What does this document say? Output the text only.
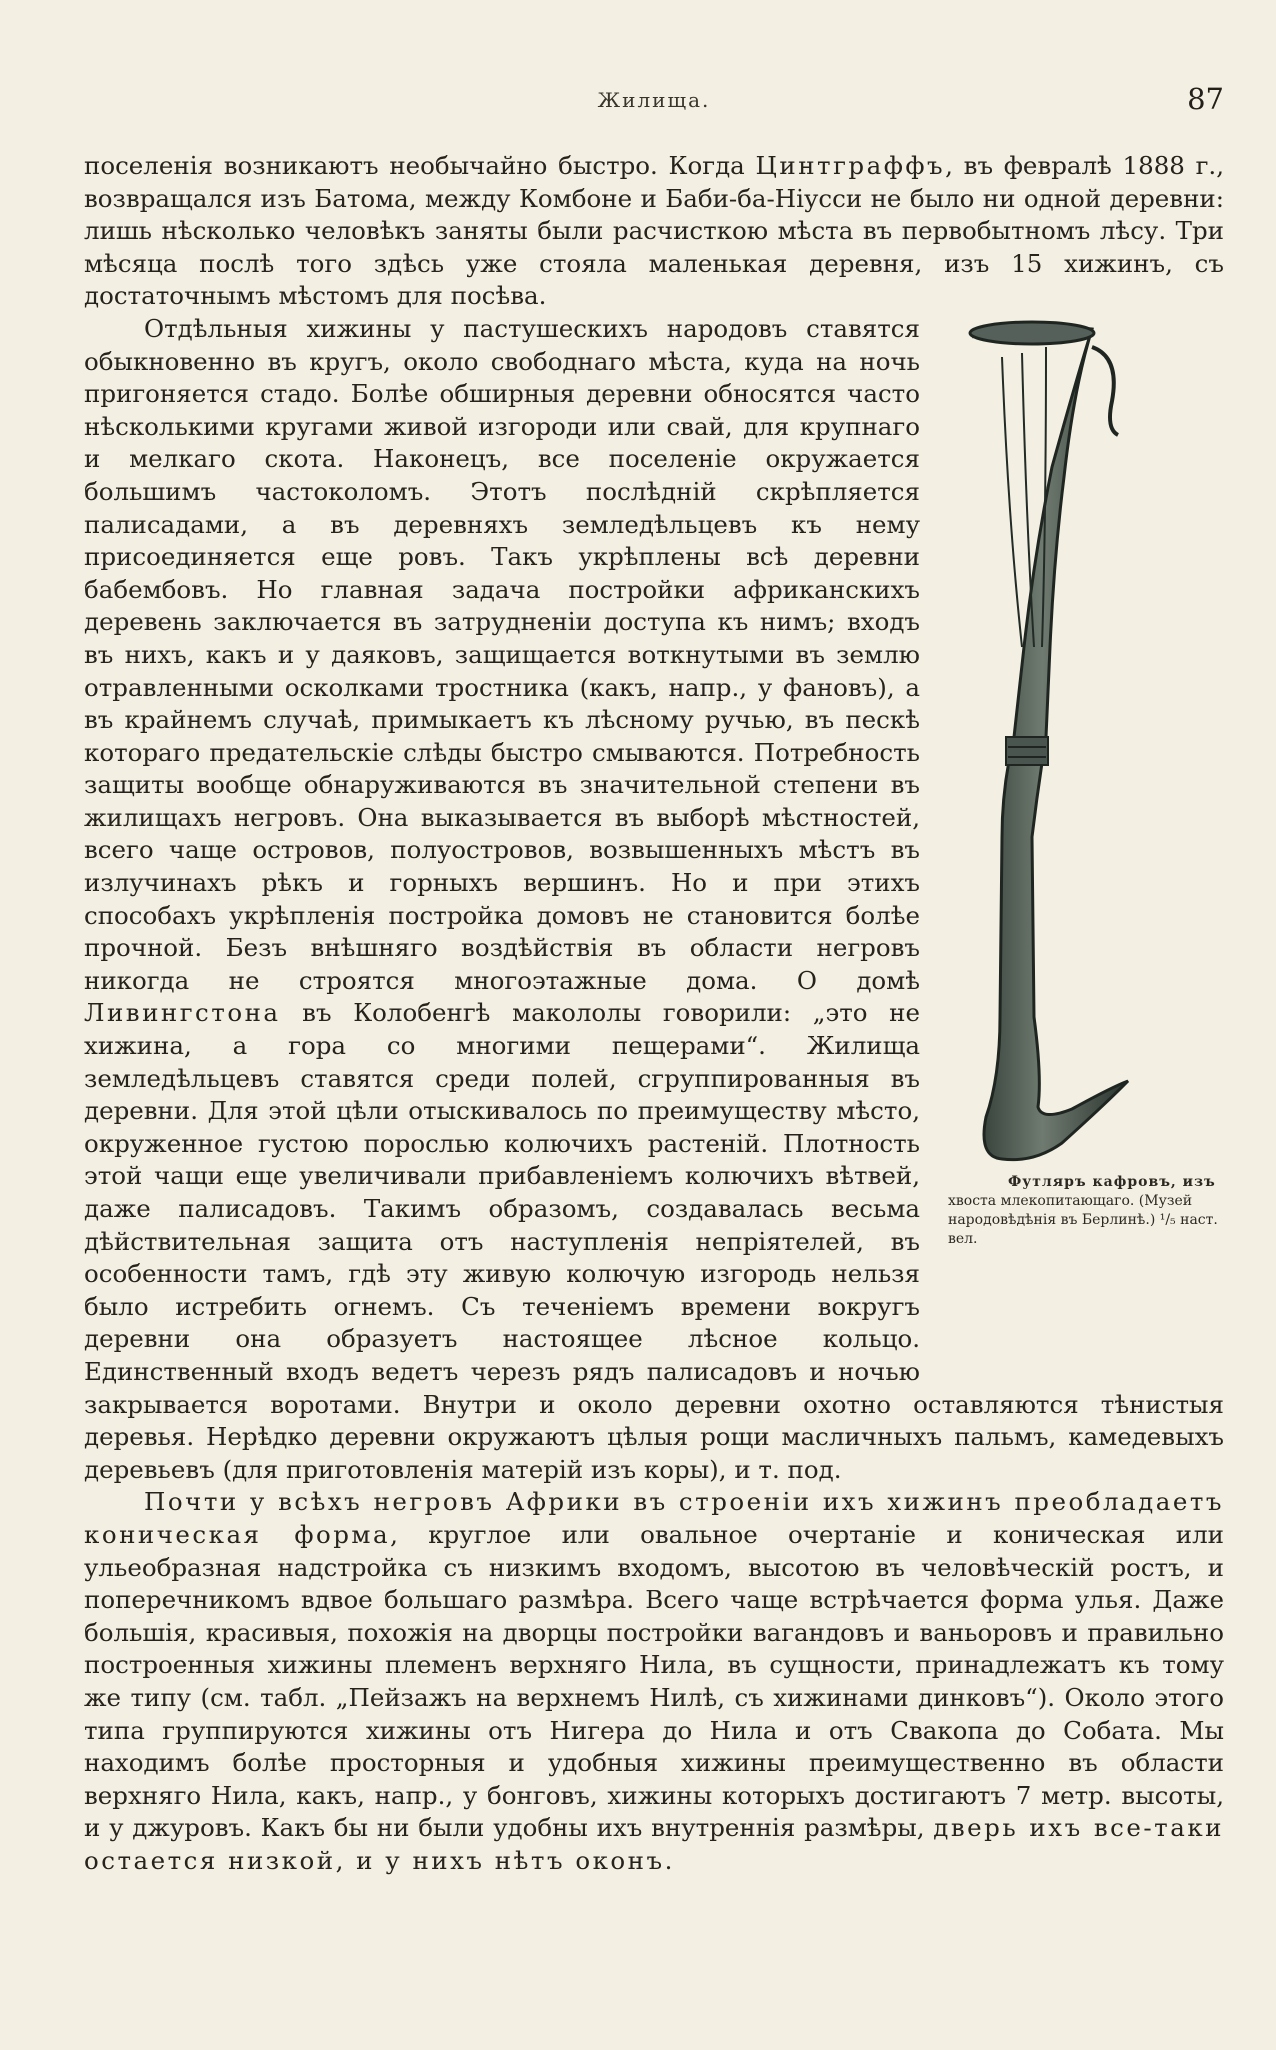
Жилища.	87

поселенія возникаютъ необычайно быстро. Когда Цинтграффъ, въ февралѣ 1888 г., возвращался изъ Батома, между Комбоне и Баби-ба-Ніусси не было ни одной деревни: лишь нѣсколько человѣкъ заняты были расчисткою мѣста въ первобытномъ лѣсу. Три мѣсяца послѣ того здѣсь уже стояла маленькая деревня, изъ 15 хижинъ, съ достаточнымъ мѣстомъ для посѣва.

Футляръ кафровъ, изъ хвоста млекопитающаго. (Музей народовѣдѣнія въ Берлинѣ.) ¹/₅ наст. вел.
Отдѣльныя хижины у пастушескихъ народовъ ставятся обыкновенно въ кругъ, около свободнаго мѣста, куда на ночь пригоняется стадо. Болѣе обширныя деревни обносятся часто нѣсколькими кругами живой изгороди или свай, для крупнаго и мелкаго скота. Наконецъ, все поселеніе окружается большимъ частоколомъ. Этотъ послѣдній скрѣпляется палисадами, а въ деревняхъ земледѣльцевъ къ нему присоединяется еще ровъ. Такъ укрѣплены всѣ деревни бабембовъ. Но главная задача постройки африканскихъ деревень заключается въ затрудненіи доступа къ нимъ; входъ въ нихъ, какъ и у даяковъ, защищается воткнутыми въ землю отравленными осколками тростника (какъ, напр., у фановъ), а въ крайнемъ случаѣ, примыкаетъ къ лѣсному ручью, въ пескѣ котораго предательскіе слѣды быстро смываются. Потребность защиты вообще обнаруживаются въ значительной степени въ жилищахъ негровъ. Она выказывается въ выборѣ мѣстностей, всего чаще островов, полуостровов, возвышенныхъ мѣстъ въ излучинахъ рѣкъ и горныхъ вершинъ. Но и при этихъ способахъ укрѣпленія постройка домовъ не становится болѣе прочной. Безъ внѣшняго воздѣйствія въ области негровъ никогда не строятся многоэтажные дома. О домѣ Ливингстона въ Колобенгѣ макололы говорили: „это не хижина, а гора со многими пещерами“. Жилища земледѣльцевъ ставятся среди полей, сгруппированныя въ деревни. Для этой цѣли отыскивалось по преимуществу мѣсто, окруженное густою порослью колючихъ растеній. Плотность этой чащи еще увеличивали прибавленіемъ колючихъ вѣтвей, даже палисадовъ. Такимъ образомъ, создавалась весьма дѣйствительная защита отъ наступленія непріятелей, въ особенности тамъ, гдѣ эту живую колючую изгородь нельзя было истребить огнемъ. Съ теченіемъ времени вокругъ деревни она образуетъ настоящее лѣсное кольцо. Единственный входъ ведетъ черезъ рядъ палисадовъ и ночью закрывается воротами. Внутри и около деревни охотно оставляются тѣнистыя деревья. Нерѣдко деревни окружаютъ цѣлыя рощи масличныхъ пальмъ, камедевыхъ деревьевъ (для приготовленія матерій изъ коры), и т. под.

Почти у всѣхъ негровъ Африки въ строеніи ихъ хижинъ преобладаетъ коническая форма, круглое или овальное очертаніе и коническая или ульеобразная надстройка съ низкимъ входомъ, высотою въ человѣческій ростъ, и поперечникомъ вдвое большаго размѣра. Всего чаще встрѣчается форма улья. Даже большія, красивыя, похожія на дворцы постройки вагандовъ и ваньоровъ и правильно построенныя хижины племенъ верхняго Нила, въ сущности, принадлежатъ къ тому же типу (см. табл. „Пейзажъ на верхнемъ Нилѣ, съ хижинами динковъ“). Около этого типа группируются хижины отъ Нигера до Нила и отъ Свакопа до Собата. Мы находимъ болѣе просторныя и удобныя хижины преимущественно въ области верхняго Нила, какъ, напр., у бонговъ, хижины которыхъ достигаютъ 7 метр. высоты, и у джуровъ. Какъ бы ни были удобны ихъ внутреннія размѣры, дверь ихъ все-таки остается низкой, и у нихъ нѣтъ оконъ.
